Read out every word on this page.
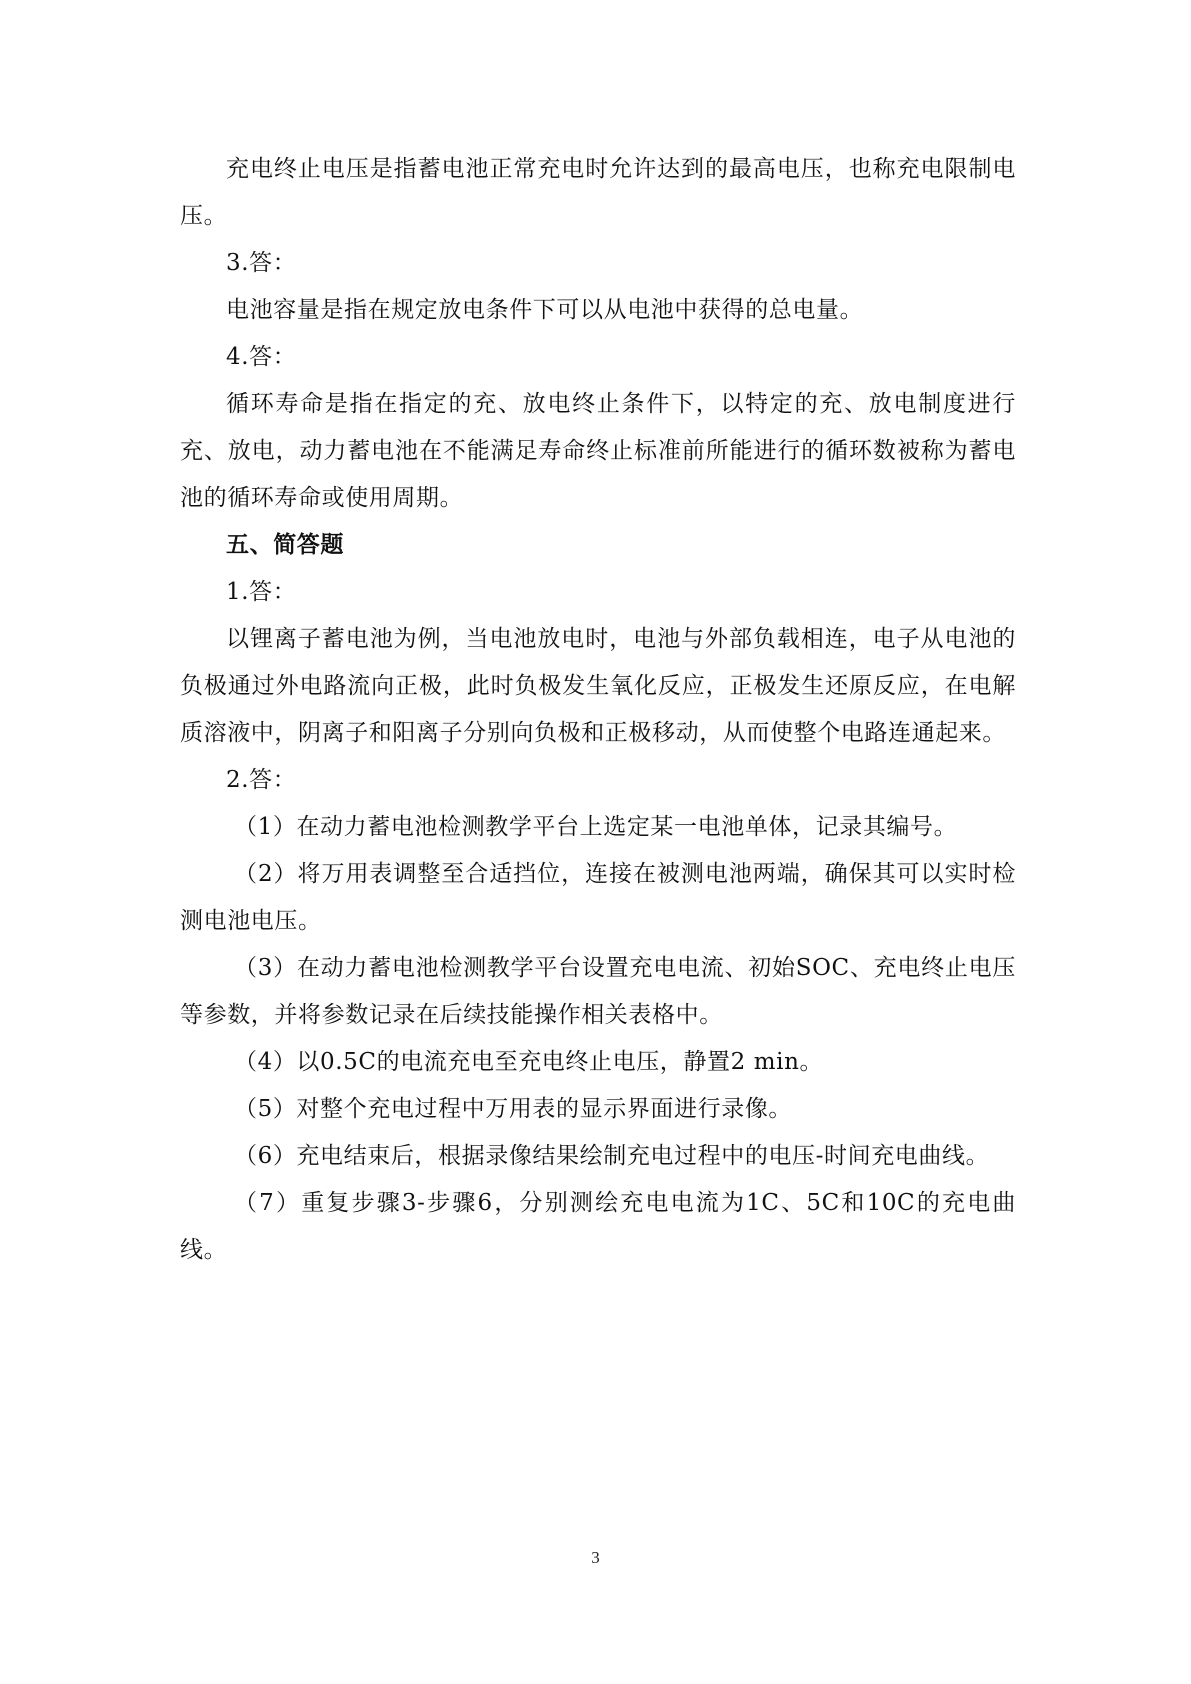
充电终止电压是指蓄电池正常充电时允许达到的最高电压，也称充电限制电压。

3.答：

电池容量是指在规定放电条件下可以从电池中获得的总电量。

4.答：

循环寿命是指在指定的充、放电终止条件下，以特定的充、放电制度进行充、放电，动力蓄电池在不能满足寿命终止标准前所能进行的循环数被称为蓄电池的循环寿命或使用周期。

五、简答题

1.答：

以锂离子蓄电池为例，当电池放电时，电池与外部负载相连，电子从电池的负极通过外电路流向正极，此时负极发生氧化反应，正极发生还原反应，在电解质溶液中，阴离子和阳离子分别向负极和正极移动，从而使整个电路连通起来。

2.答：

（1）在动力蓄电池检测教学平台上选定某一电池单体，记录其编号。

（2）将万用表调整至合适挡位，连接在被测电池两端，确保其可以实时检测电池电压。

（3）在动力蓄电池检测教学平台设置充电电流、初始SOC、充电终止电压等参数，并将参数记录在后续技能操作相关表格中。

（4）以0.5C的电流充电至充电终止电压，静置2 min。

（5）对整个充电过程中万用表的显示界面进行录像。

（6）充电结束后，根据录像结果绘制充电过程中的电压-时间充电曲线。

（7）重复步骤3-步骤6，分别测绘充电电流为1C、5C和10C的充电曲线。

3
